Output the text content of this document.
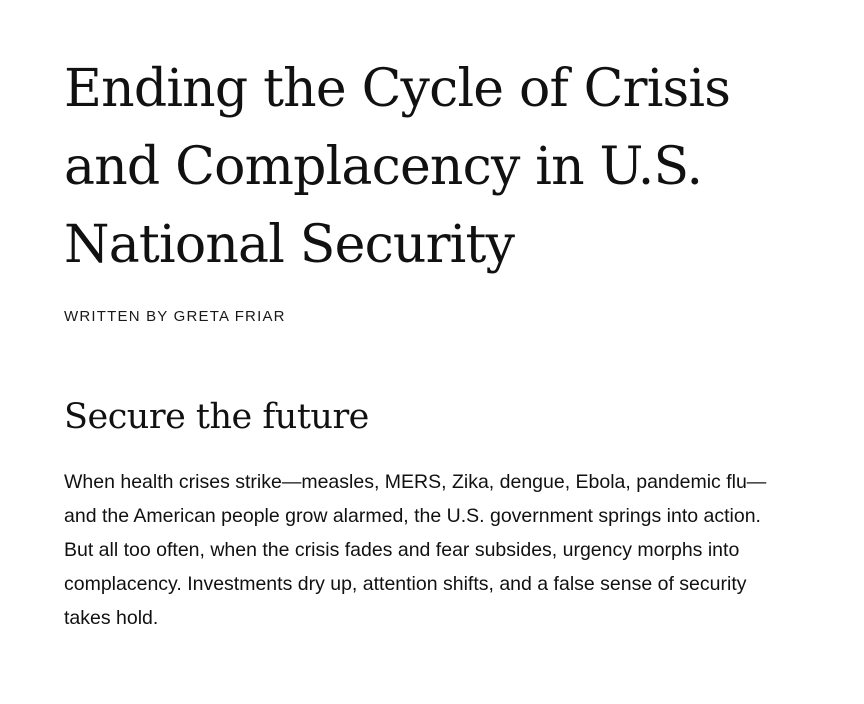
Ending the Cycle of Crisis and Complacency in U.S. National Security

WRITTEN BY GRETA FRIAR

Secure the future

When health crises strike—measles, MERS, Zika, dengue, Ebola, pandemic flu—and the American people grow alarmed, the U.S. government springs into action. But all too often, when the crisis fades and fear subsides, urgency morphs into complacency. Investments dry up, attention shifts, and a false sense of security takes hold.
